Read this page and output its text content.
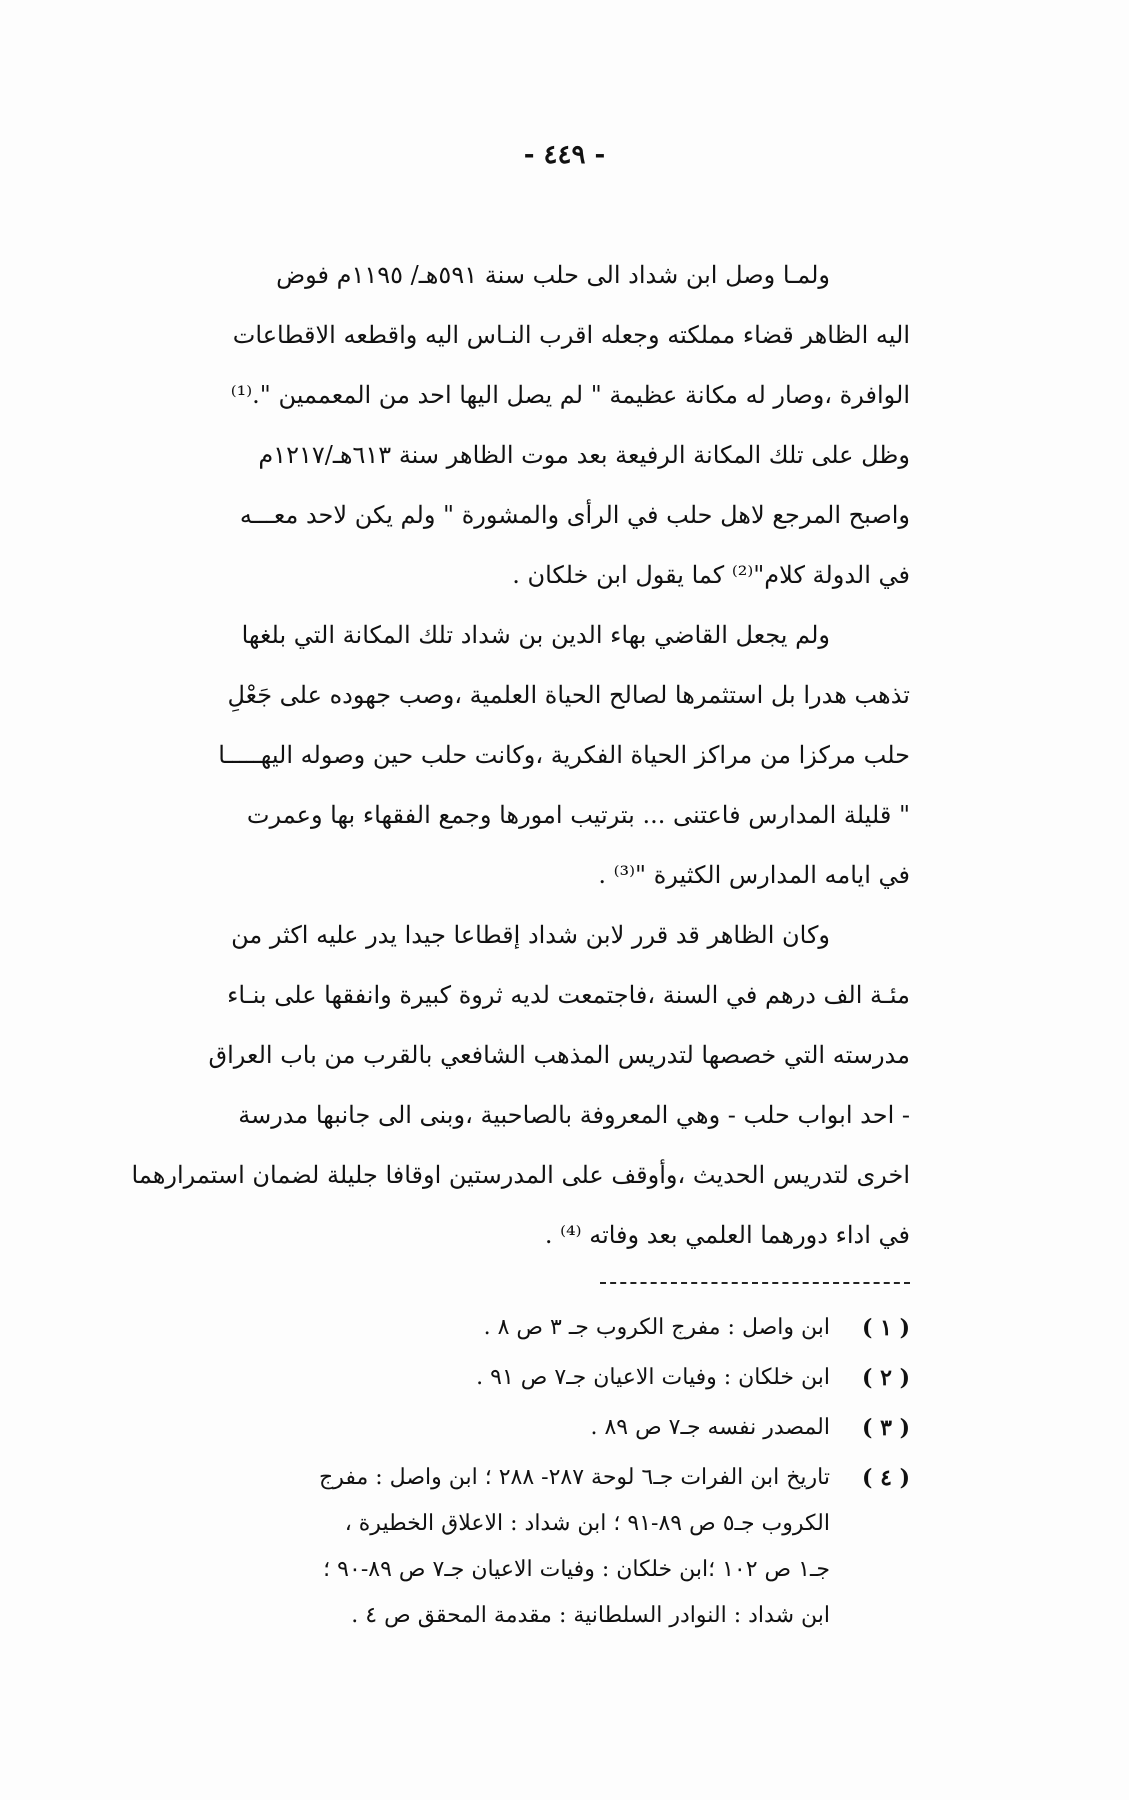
- ٤٤٩ -
ولمـا وصل ابن شداد الى حلب سنة ٥٩١هـ/ ١١٩٥م فوض
اليه الظاهر قضاء مملكته وجعله اقرب النـاس اليه واقطعه الاقطاعات
الوافرة ،وصار له مكانة عظيمة " لم يصل اليها احد من المعممين ".⁽¹⁾
وظل على تلك المكانة الرفيعة بعد موت الظاهر سنة ٦١٣هـ/١٢١٧م
واصبح المرجع لاهل حلب في الرأى والمشورة " ولم يكن لاحد معـــه
في الدولة كلام"⁽²⁾ كما يقول ابن خلكان .
ولم يجعل القاضي بهاء الدين بن شداد تلك المكانة التي بلغها
تذهب هدرا بل استثمرها لصالح الحياة العلمية ،وصب جهوده على جَعْلِ
حلب مركزا من مراكز الحياة الفكرية ،وكانت حلب حين وصوله اليهـــــا
" قليلة المدارس فاعتنى ... بترتيب امورها وجمع الفقهاء بها وعمرت
في ايامه المدارس الكثيرة "⁽³⁾ .
وكان الظاهر قد قرر لابن شداد إقطاعا جيدا يدر عليه اكثر من
مئـة الف درهم في السنة ،فاجتمعت لديه ثروة كبيرة وانفقها على بنـاء
مدرسته التي خصصها لتدريس المذهب الشافعي بالقرب من باب العراق
- احد ابواب حلب - وهي المعروفة بالصاحبية ،وبنى الى جانبها مدرسة
اخرى لتدريس الحديث ،وأوقف على المدرستين اوقافا جليلة لضمان استمرارهما
في اداء دورهما العلمي بعد وفاته ⁽⁴⁾ .
( ١ )
ابن واصل : مفرج الكروب جـ ٣ ص ٨ .
( ٢ )
ابن خلكان : وفيات الاعيان جـ٧ ص ٩١ .
( ٣ )
المصدر نفسه جـ٧ ص ٨٩ .
( ٤ )
تاريخ ابن الفرات جـ٦ لوحة ٢٨٧- ٢٨٨ ؛ ابن واصل : مفرج
الكروب جـ٥ ص ٨٩-٩١ ؛ ابن شداد : الاعلاق الخطيرة ،
جـ١ ص ١٠٢ ؛ابن خلكان : وفيات الاعيان جـ٧ ص ٨٩-٩٠ ؛
ابن شداد : النوادر السلطانية : مقدمة المحقق ص ٤ .
